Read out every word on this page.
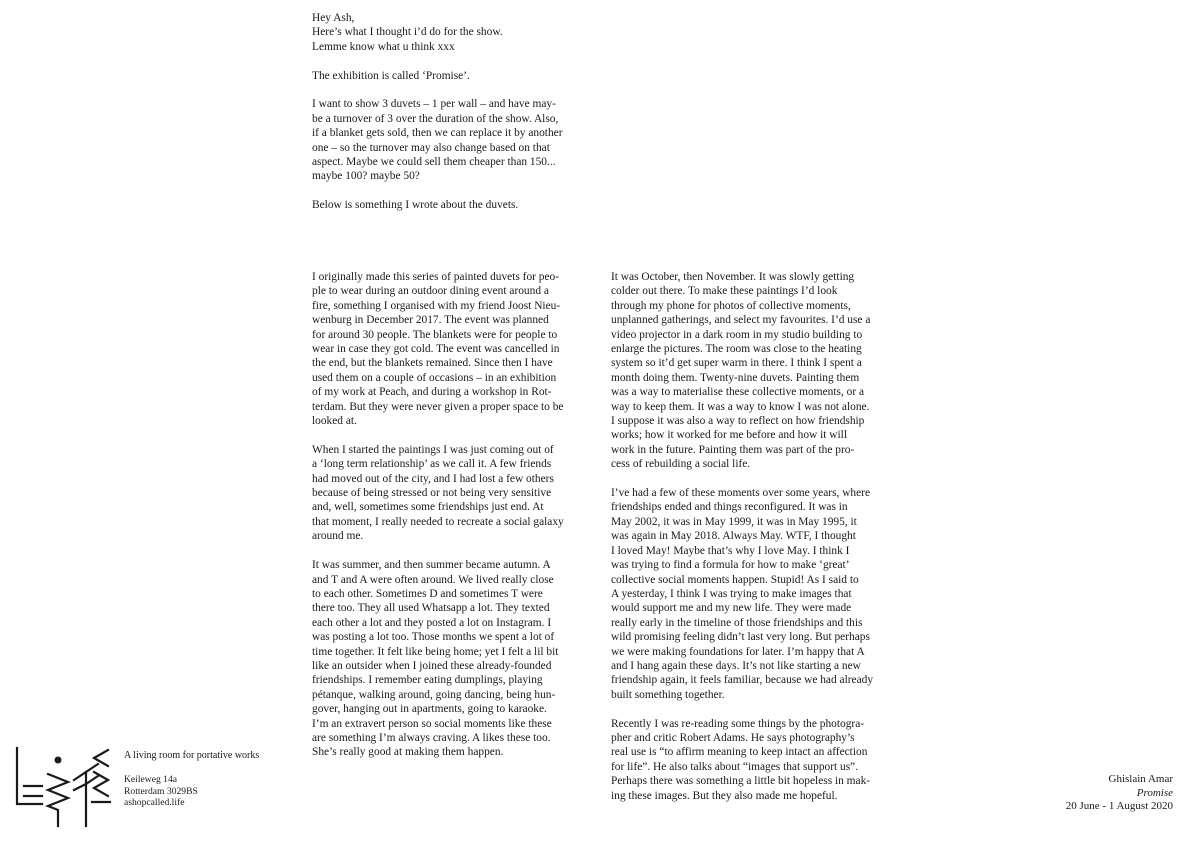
Hey Ash,
Here’s what I thought i’d do for the show.
Lemme know what u think xxx

The exhibition is called ‘Promise’.

I want to show 3 duvets – 1 per wall – and have may-
be a turnover of 3 over the duration of the show. Also,
if a blanket gets sold, then we can replace it by another
one – so the turnover may also change based on that
aspect. Maybe we could sell them cheaper than 150...
maybe 100? maybe 50?

Below is something I wrote about the duvets.

I originally made this series of painted duvets for peo-
ple to wear during an outdoor dining event around a
fire, something I organised with my friend Joost Nieu-
wenburg in December 2017. The event was planned
for around 30 people. The blankets were for people to
wear in case they got cold. The event was cancelled in
the end, but the blankets remained. Since then I have
used them on a couple of occasions – in an exhibition
of my work at Peach, and during a workshop in Rot-
terdam. But they were never given a proper space to be
looked at.

When I started the paintings I was just coming out of
a ‘long term relationship’ as we call it. A few friends
had moved out of the city, and I had lost a few others
because of being stressed or not being very sensitive
and, well, sometimes some friendships just end. At
that moment, I really needed to recreate a social galaxy
around me.

It was summer, and then summer became autumn. A
and T and A were often around. We lived really close
to each other. Sometimes D and sometimes T were
there too. They all used Whatsapp a lot. They texted
each other a lot and they posted a lot on Instagram. I
was posting a lot too. Those months we spent a lot of
time together. It felt like being home; yet I felt a lil bit
like an outsider when I joined these already-founded
friendships. I remember eating dumplings, playing
pétanque, walking around, going dancing, being hun-
gover, hanging out in apartments, going to karaoke.
I’m an extravert person so social moments like these
are something I’m always craving. A likes these too.
She’s really good at making them happen.

It was October, then November. It was slowly getting
colder out there. To make these paintings I’d look
through my phone for photos of collective moments,
unplanned gatherings, and select my favourites. I’d use a
video projector in a dark room in my studio building to
enlarge the pictures. The room was close to the heating
system so it’d get super warm in there. I think I spent a
month doing them. Twenty-nine duvets. Painting them
was a way to materialise these collective moments, or a
way to keep them. It was a way to know I was not alone.
I suppose it was also a way to reflect on how friendship
works; how it worked for me before and how it will
work in the future. Painting them was part of the pro-
cess of rebuilding a social life.

I’ve had a few of these moments over some years, where
friendships ended and things reconfigured. It was in
May 2002, it was in May 1999, it was in May 1995, it
was again in May 2018. Always May. WTF, I thought
I loved May! Maybe that’s why I love May. I think I
was trying to find a formula for how to make ‘great’
collective social moments happen. Stupid! As I said to
A yesterday, I think I was trying to make images that
would support me and my new life. They were made
really early in the timeline of those friendships and this
wild promising feeling didn’t last very long. But perhaps
we were making foundations for later. I’m happy that A
and I hang again these days. It’s not like starting a new
friendship again, it feels familiar, because we had already
built something together.

Recently I was re-reading some things by the photogra-
pher and critic Robert Adams. He says photography’s
real use is “to affirm meaning to keep intact an affection
for life”. He also talks about “images that support us”.
Perhaps there was something a little bit hopeless in mak-
ing these images. But they also made me hopeful.

A living room for portative works
Keileweg 14a
Rotterdam 3029BS
ashopcalled.life
Ghislain Amar
Promise
20 June - 1 August 2020
